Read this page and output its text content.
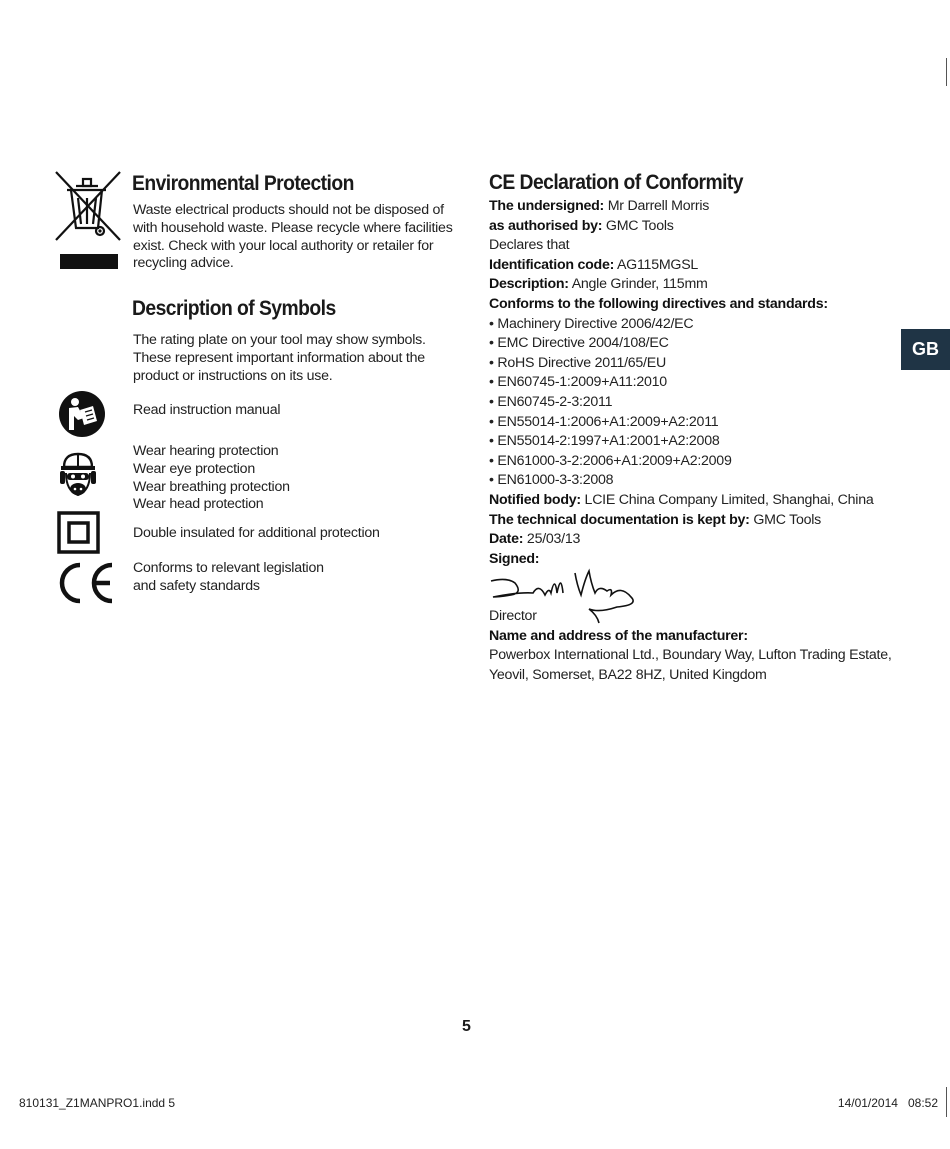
Environmental Protection
Waste electrical products should not be disposed of
with household waste. Please recycle where facilities
exist. Check with your local authority or retailer for
recycling advice.
Description of Symbols
The rating plate on your tool may show symbols.
These represent important information about the
product or instructions on its use.
Read instruction manual
Wear hearing protection
Wear eye protection
Wear breathing protection
Wear head protection
Double insulated for additional protection
Conforms to relevant legislation
and safety standards
CE Declaration of Conformity
The undersigned: Mr Darrell Morris
as authorised by: GMC Tools
Declares that
Identification code: AG115MGSL
Description: Angle Grinder, 115mm
Conforms to the following directives and standards:
• Machinery Directive 2006/42/EC
• EMC Directive 2004/108/EC
• RoHS Directive 2011/65/EU
• EN60745-1:2009+A11:2010
• EN60745-2-3:2011
• EN55014-1:2006+A1:2009+A2:2011
• EN55014-2:1997+A1:2001+A2:2008
• EN61000-3-2:2006+A1:2009+A2:2009
• EN61000-3-3:2008
Notified body: LCIE China Company Limited, Shanghai, China
The technical documentation is kept by: GMC Tools
Date: 25/03/13
Signed:
Director
Name and address of the manufacturer:
Powerbox International Ltd., Boundary Way, Lufton Trading Estate,
Yeovil, Somerset, BA22 8HZ, United Kingdom
GB
5
810131_Z1MANPRO1.indd 5	14/01/2014 08:52
